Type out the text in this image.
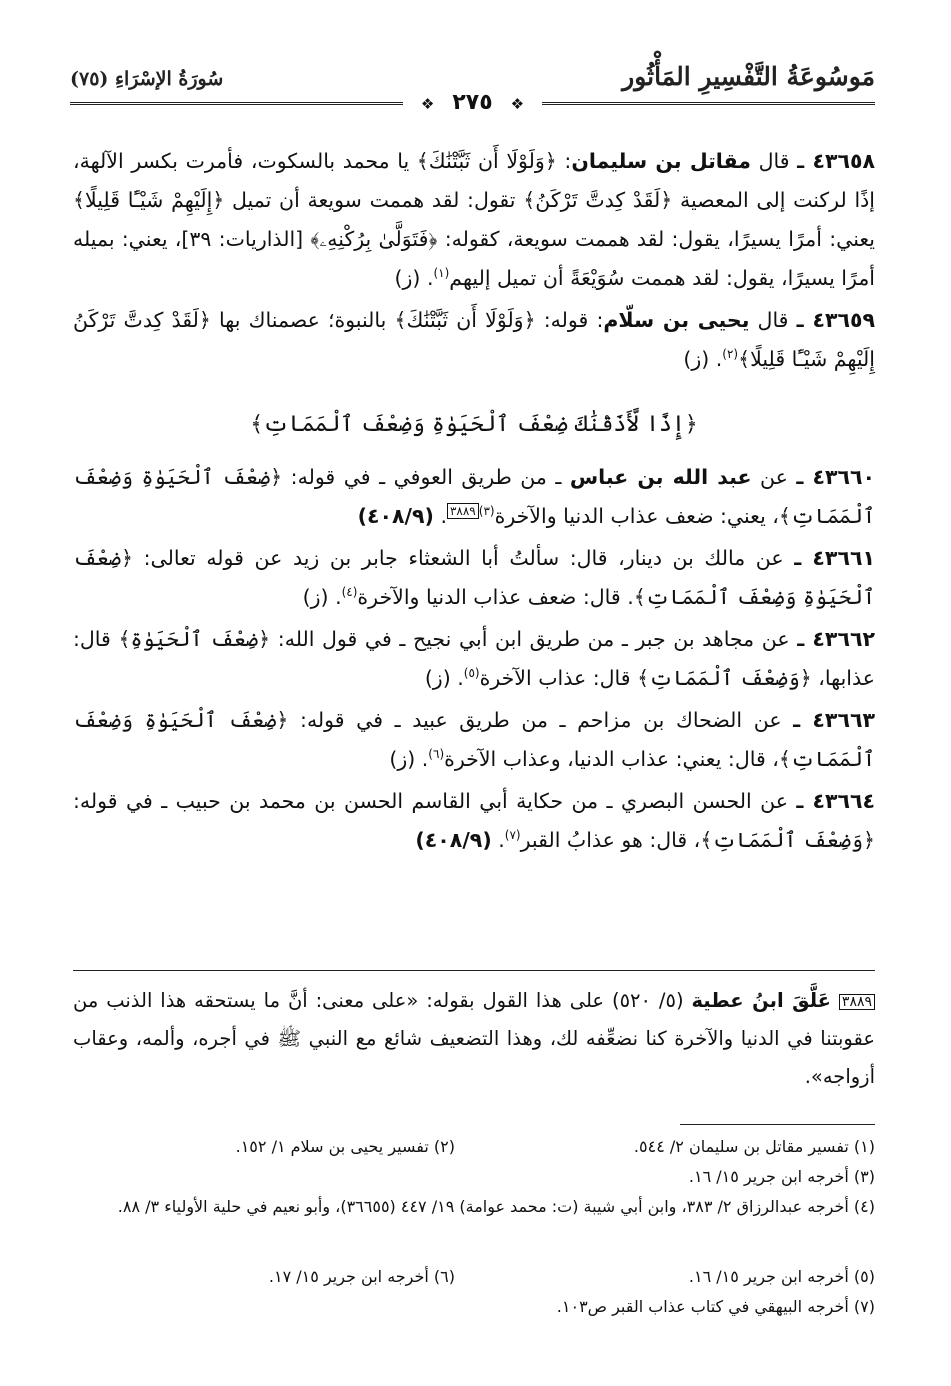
مَوسُوعَةُ التَّفْسِيرِ المَأْثُور
سُورَةُ الإسْرَاءِ (٧٥)
❖٢٧٥❖

٤٣٦٥٨ ـ قال مقاتل بن سليمان: ﴿وَلَوْلَا أَن ثَبَّتْنَٰكَ﴾ يا محمد بالسكوت، فأمرت بكسر الآلهة، إذًا لركنت إلى المعصية ﴿لَقَدْ كِدتَّ تَرْكَنُ﴾ تقول: لقد هممت سويعة أن تميل ﴿إِلَيْهِمْ شَيْـًٔا قَلِيلًا﴾ يعني: أمرًا يسيرًا، يقول: لقد هممت سويعة، كقوله: ﴿فَتَوَلَّىٰ بِرُكْنِهِۦ﴾ [الذاريات: ٣٩]، يعني: بميله أمرًا يسيرًا، يقول: لقد هممت سُوَيْعَةً أن تميل إليهم$^{(١)}$. (ز)

٤٣٦٥٩ ـ قال يحيى بن سلّام: قوله: ﴿وَلَوْلَا أَن ثَبَّتْنَٰكَ﴾ بالنبوة؛ عصمناك بها ﴿لَقَدْ كِدتَّ تَرْكَنُ إِلَيْهِمْ شَيْـًٔا قَلِيلًا﴾$^{(٢)}$. (ز)

﴿إِذًا لَّأَذَقْنَٰكَ ضِعْفَ ٱلْحَيَوٰةِ وَضِعْفَ ٱلْمَمَاتِ﴾

٤٣٦٦٠ ـ عن عبد الله بن عباس ـ من طريق العوفي ـ في قوله: ﴿ضِعْفَ ٱلْحَيَوٰةِ وَضِعْفَ ٱلْمَمَاتِ﴾، يعني: ضعف عذاب الدنيا والآخرة$^{(٣)}$٣٨٨٩. (٤٠٨/٩)

٤٣٦٦١ ـ عن مالك بن دينار، قال: سألتُ أبا الشعثاء جابر بن زيد عن قوله تعالى: ﴿ضِعْفَ ٱلْحَيَوٰةِ وَضِعْفَ ٱلْمَمَاتِ﴾. قال: ضعف عذاب الدنيا والآخرة$^{(٤)}$. (ز)

٤٣٦٦٢ ـ عن مجاهد بن جبر ـ من طريق ابن أبي نجيح ـ في قول الله: ﴿ضِعْفَ ٱلْحَيَوٰةِ﴾ قال: عذابها، ﴿وَضِعْفَ ٱلْمَمَاتِ﴾ قال: عذاب الآخرة$^{(٥)}$. (ز)

٤٣٦٦٣ ـ عن الضحاك بن مزاحم ـ من طريق عبيد ـ في قوله: ﴿ضِعْفَ ٱلْحَيَوٰةِ وَضِعْفَ ٱلْمَمَاتِ﴾، قال: يعني: عذاب الدنيا، وعذاب الآخرة$^{(٦)}$. (ز)

٤٣٦٦٤ ـ عن الحسن البصري ـ من حكاية أبي القاسم الحسن بن محمد بن حبيب ـ في قوله: ﴿وَضِعْفَ ٱلْمَمَاتِ﴾، قال: هو عذابُ القبر$^{(٧)}$. (٤٠٨/٩)

٣٨٨٩ عَلَّقَ ابنُ عطية (٥/ ٥٢٠) على هذا القول بقوله: «على معنى: أنَّ ما يستحقه هذا الذنب من عقوبتنا في الدنيا والآخرة كنا نضعِّفه لك، وهذا التضعيف شائع مع النبي ﷺ في أجره، وألمه، وعقاب أزواجه».
(١) تفسير مقاتل بن سليمان ٢/ ٥٤٤.
(٢) تفسير يحيى بن سلام ١/ ١٥٢.
(٣) أخرجه ابن جرير ١٥/ ١٦.
(٤) أخرجه عبدالرزاق ٢/ ٣٨٣، وابن أبي شيبة (ت: محمد عوامة) ١٩/ ٤٤٧ (٣٦٦٥٥)، وأبو نعيم في حلية الأولياء ٣/ ٨٨.
(٥) أخرجه ابن جرير ١٥/ ١٦.
(٦) أخرجه ابن جرير ١٥/ ١٧.
(٧) أخرجه البيهقي في كتاب عذاب القبر ص١٠٣.
